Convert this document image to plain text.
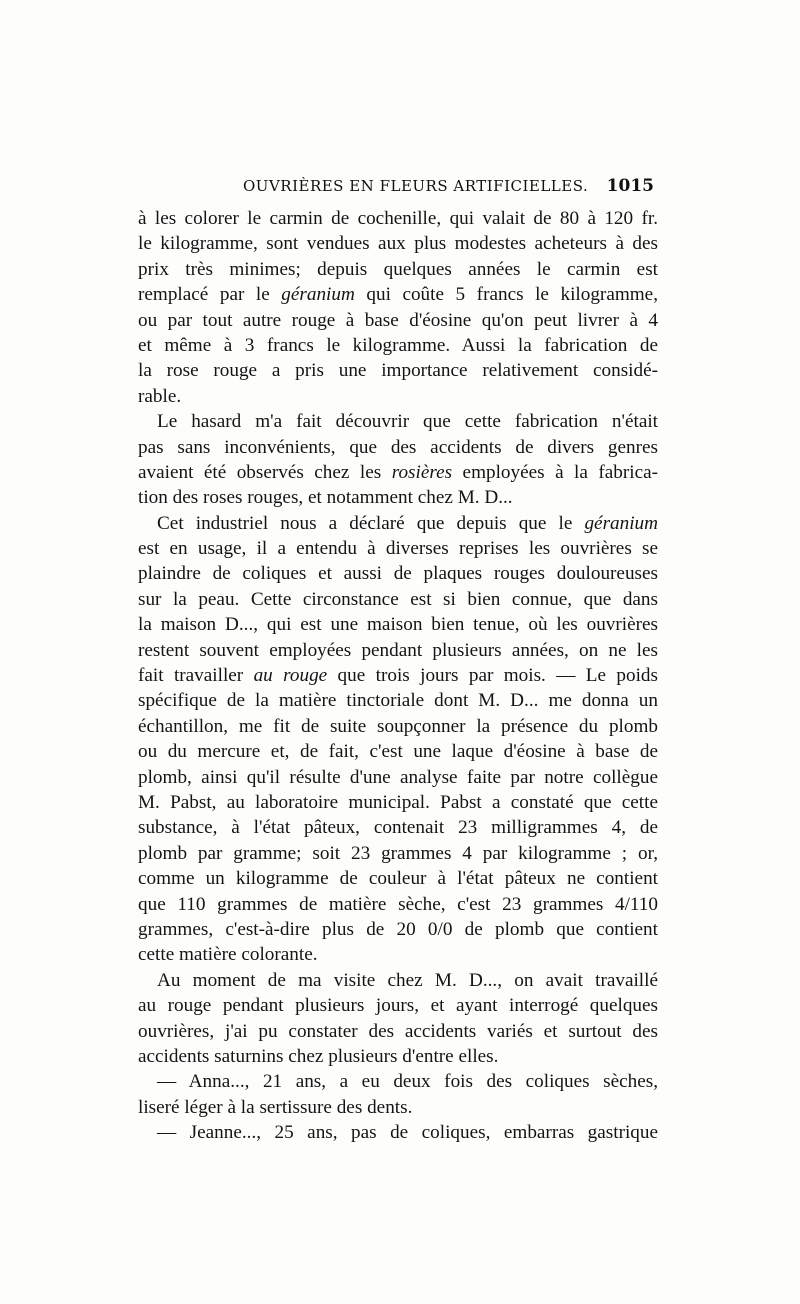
OUVRIÈRES EN FLEURS ARTIFICIELLES. 1015
à les colorer le carmin de cochenille, qui valait de 80 à 120 fr.
le kilogramme, sont vendues aux plus modestes acheteurs à des
prix très minimes; depuis quelques années le carmin est
remplacé par le géranium qui coûte 5 francs le kilogramme,
ou par tout autre rouge à base d'éosine qu'on peut livrer à 4
et même à 3 francs le kilogramme. Aussi la fabrication de
la rose rouge a pris une importance relativement considé-
rable.
Le hasard m'a fait découvrir que cette fabrication n'était
pas sans inconvénients, que des accidents de divers genres
avaient été observés chez les rosières employées à la fabrica-
tion des roses rouges, et notamment chez M. D...
Cet industriel nous a déclaré que depuis que le géranium
est en usage, il a entendu à diverses reprises les ouvrières se
plaindre de coliques et aussi de plaques rouges douloureuses
sur la peau. Cette circonstance est si bien connue, que dans
la maison D..., qui est une maison bien tenue, où les ouvrières
restent souvent employées pendant plusieurs années, on ne les
fait travailler au rouge que trois jours par mois. — Le poids
spécifique de la matière tinctoriale dont M. D... me donna un
échantillon, me fit de suite soupçonner la présence du plomb
ou du mercure et, de fait, c'est une laque d'éosine à base de
plomb, ainsi qu'il résulte d'une analyse faite par notre collègue
M. Pabst, au laboratoire municipal. Pabst a constaté que cette
substance, à l'état pâteux, contenait 23 milligrammes 4, de
plomb par gramme; soit 23 grammes 4 par kilogramme ; or,
comme un kilogramme de couleur à l'état pâteux ne contient
que 110 grammes de matière sèche, c'est 23 grammes 4/110
grammes, c'est-à-dire plus de 20 0/0 de plomb que contient
cette matière colorante.
Au moment de ma visite chez M. D..., on avait travaillé
au rouge pendant plusieurs jours, et ayant interrogé quelques
ouvrières, j'ai pu constater des accidents variés et surtout des
accidents saturnins chez plusieurs d'entre elles.
— Anna..., 21 ans, a eu deux fois des coliques sèches,
liseré léger à la sertissure des dents.
— Jeanne..., 25 ans, pas de coliques, embarras gastrique
